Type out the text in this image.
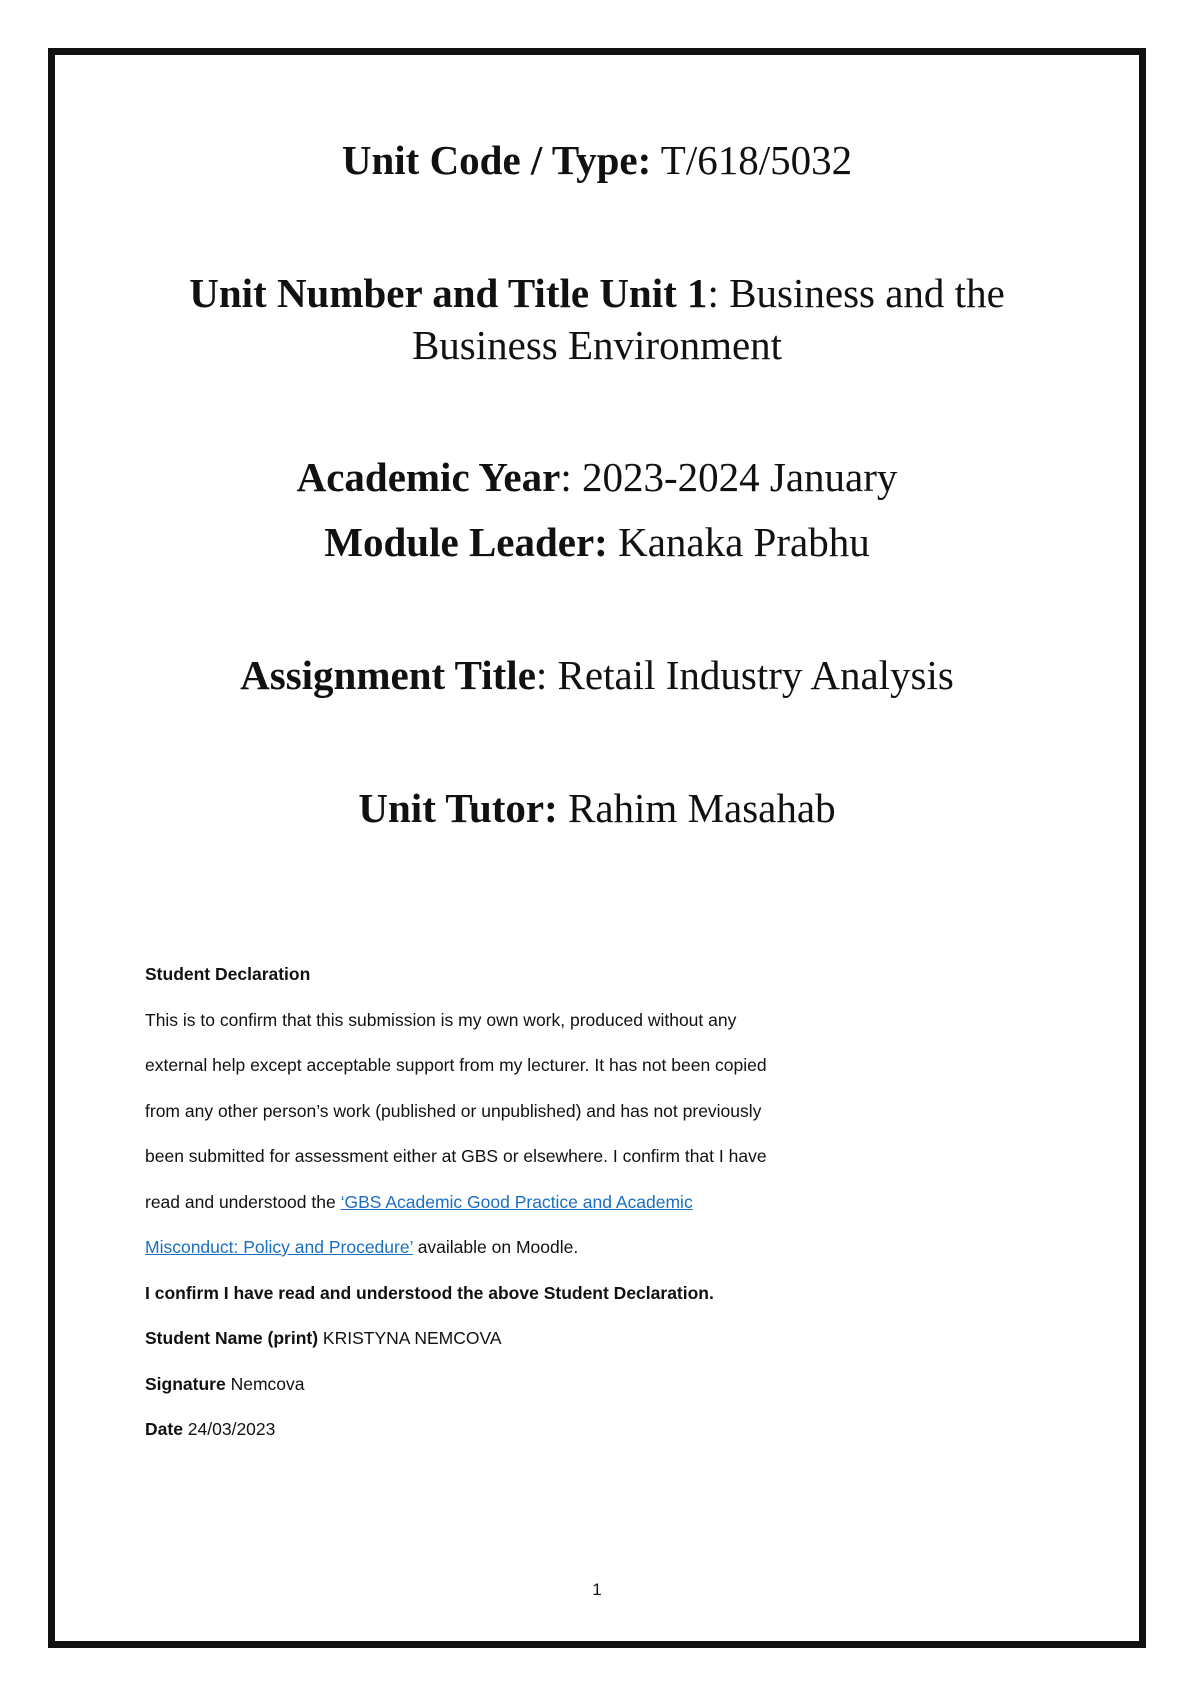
Unit Code / Type: T/618/5032
Unit Number and Title Unit 1: Business and the
Business Environment
Academic Year: 2023-2024 January
Module Leader: Kanaka Prabhu
Assignment Title: Retail Industry Analysis
Unit Tutor: Rahim Masahab

Student Declaration

This is to confirm that this submission is my own work, produced without any

external help except acceptable support from my lecturer. It has not been copied

from any other person’s work (published or unpublished) and has not previously

been submitted for assessment either at GBS or elsewhere. I confirm that I have

read and understood the ‘GBS Academic Good Practice and Academic

Misconduct: Policy and Procedure’ available on Moodle.

I confirm I have read and understood the above Student Declaration.

Student Name (print) KRISTYNA NEMCOVA

Signature Nemcova

Date 24/03/2023

1
